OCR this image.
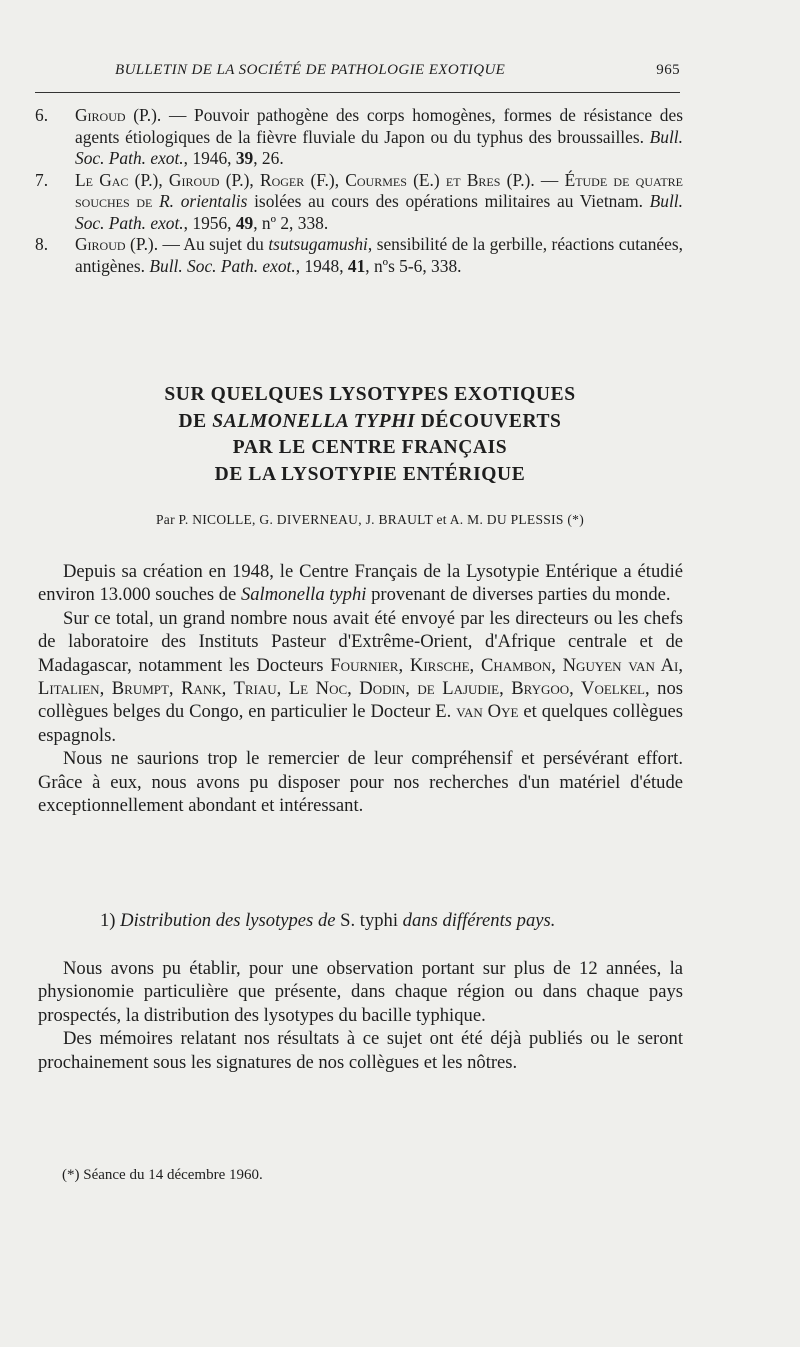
BULLETIN DE LA SOCIÉTÉ DE PATHOLOGIE EXOTIQUE	965
6. Giroud (P.). — Pouvoir pathogène des corps homogènes, formes de résistance des agents étiologiques de la fièvre fluviale du Japon ou du typhus des broussailles. Bull. Soc. Path. exot., 1946, 39, 26.

7. Le Gac (P.), Giroud (P.), Roger (F.), Courmes (E.) et Bres (P.). — Étude de quatre souches de R. orientalis isolées au cours des opérations militaires au Vietnam. Bull. Soc. Path. exot., 1956, 49, nº 2, 338.

8. Giroud (P.). — Au sujet du tsutsugamushi, sensibilité de la gerbille, réactions cutanées, antigènes. Bull. Soc. Path. exot., 1948, 41, nºs 5-6, 338.

SUR QUELQUES LYSOTYPES EXOTIQUES
DE SALMONELLA TYPHI DÉCOUVERTS
PAR LE CENTRE FRANÇAIS
DE LA LYSOTYPIE ENTÉRIQUE
Par P. NICOLLE, G. DIVERNEAU, J. BRAULT et A. M. DU PLESSIS (*)

Depuis sa création en 1948, le Centre Français de la Lysotypie Entérique a étudié environ 13.000 souches de Salmonella typhi provenant de diverses parties du monde.

Sur ce total, un grand nombre nous avait été envoyé par les directeurs ou les chefs de laboratoire des Instituts Pasteur d'Extrême-Orient, d'Afrique centrale et de Madagascar, notamment les Docteurs Fournier, Kirsche, Chambon, Nguyen van Ai, Litalien, Brumpt, Rank, Triau, Le Noc, Dodin, de Lajudie, Brygoo, Voelkel, nos collègues belges du Congo, en particulier le Docteur E. van Oye et quelques collègues espagnols.

Nous ne saurions trop le remercier de leur compréhensif et persévérant effort. Grâce à eux, nous avons pu disposer pour nos recherches d'un matériel d'étude exceptionnellement abondant et intéressant.

1) Distribution des lysotypes de S. typhi dans différents pays.

Nous avons pu établir, pour une observation portant sur plus de 12 années, la physionomie particulière que présente, dans chaque région ou dans chaque pays prospectés, la distribution des lysotypes du bacille typhique.

Des mémoires relatant nos résultats à ce sujet ont été déjà publiés ou le seront prochainement sous les signatures de nos collègues et les nôtres.

(*) Séance du 14 décembre 1960.
